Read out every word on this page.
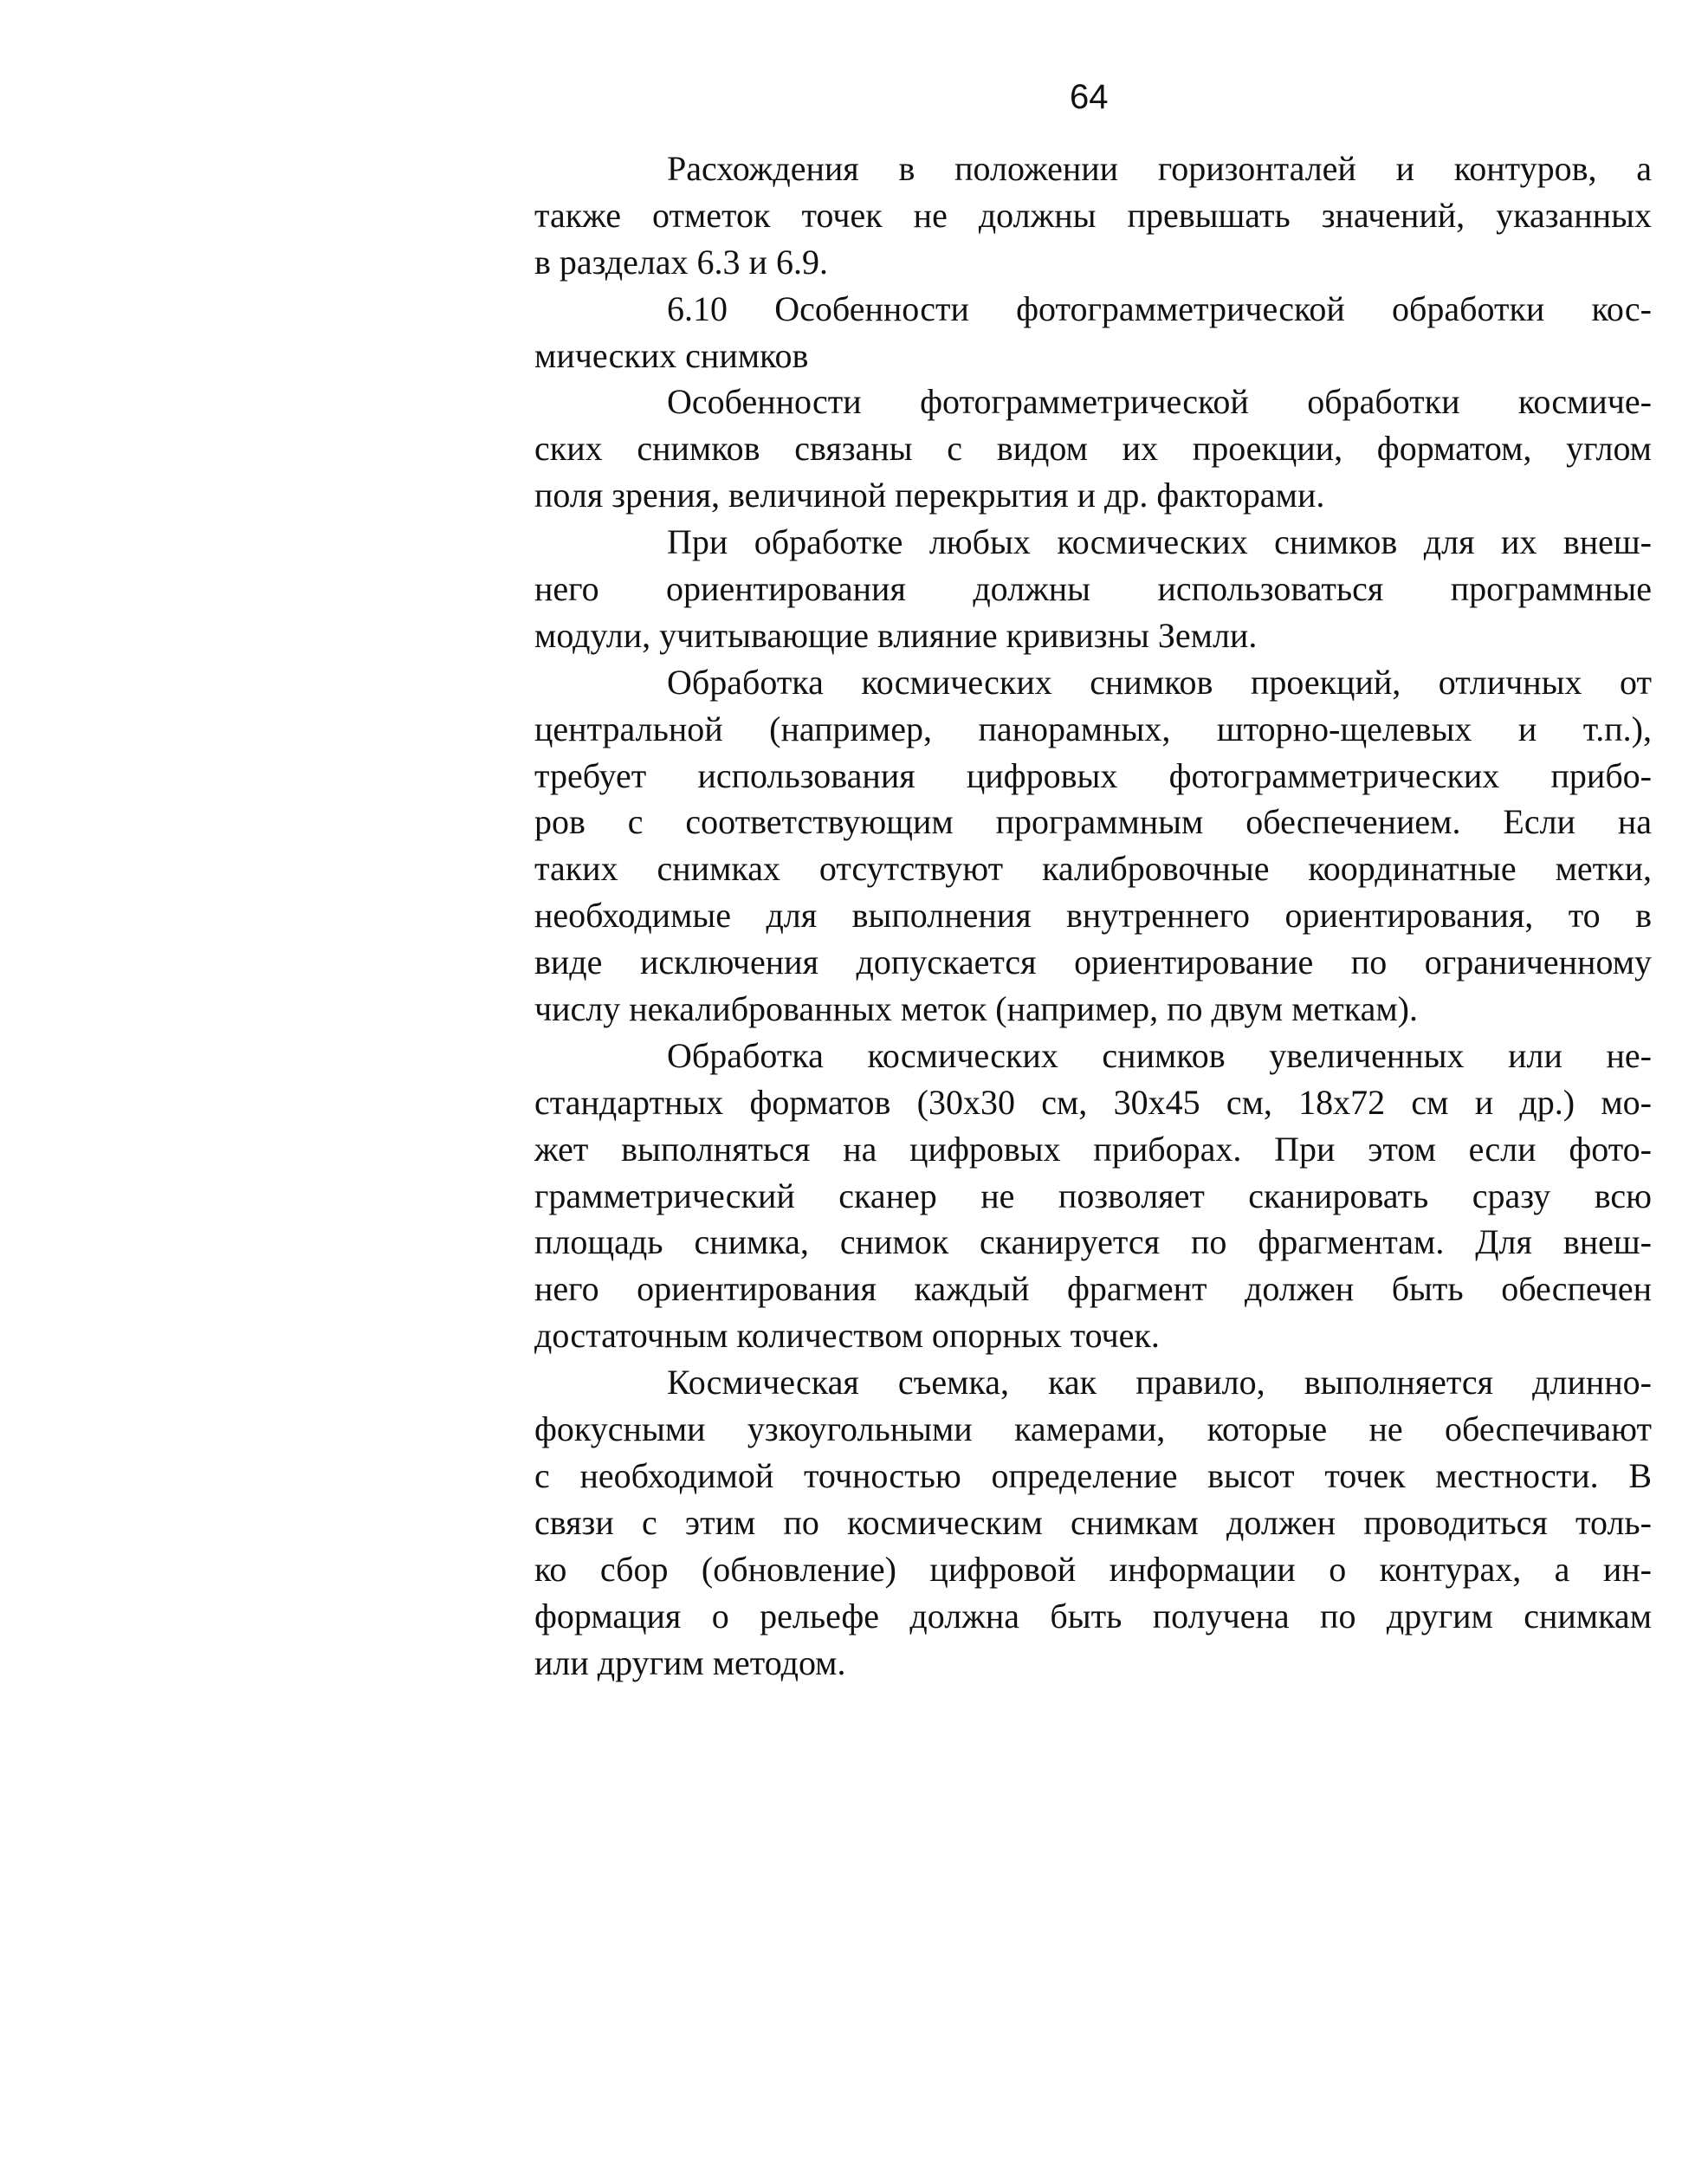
64
Расхождения в положении горизонталей и контуров, а
также отметок точек не должны превышать значений, указанных
в разделах 6.3 и 6.9.
6.10 Особенности фотограмметрической обработки кос-
мических снимков
Особенности фотограмметрической обработки космиче-
ских снимков связаны с видом их проекции, форматом, углом
поля зрения, величиной перекрытия и др. факторами.
При обработке любых космических снимков для их внеш-
него ориентирования должны использоваться программные
модули, учитывающие влияние кривизны Земли.
Обработка космических снимков проекций, отличных от
центральной (например, панорамных, шторно-щелевых и т.п.),
требует использования цифровых фотограмметрических прибо-
ров с соответствующим программным обеспечением. Если на
таких снимках отсутствуют калибровочные координатные метки,
необходимые для выполнения внутреннего ориентирования, то в
виде исключения допускается ориентирование по ограниченному
числу некалиброванных меток (например, по двум меткам).
Обработка космических снимков увеличенных или не-
стандартных форматов (30х30 см, 30х45 см, 18х72 см и др.) мо-
жет выполняться на цифровых приборах. При этом если фото-
грамметрический сканер не позволяет сканировать сразу всю
площадь снимка, снимок сканируется по фрагментам. Для внеш-
него ориентирования каждый фрагмент должен быть обеспечен
достаточным количеством опорных точек.
Космическая съемка, как правило, выполняется длинно-
фокусными узкоугольными камерами, которые не обеспечивают
с необходимой точностью определение высот точек местности. В
связи с этим по космическим снимкам должен проводиться толь-
ко сбор (обновление) цифровой информации о контурах, а ин-
формация о рельефе должна быть получена по другим снимкам
или другим методом.
